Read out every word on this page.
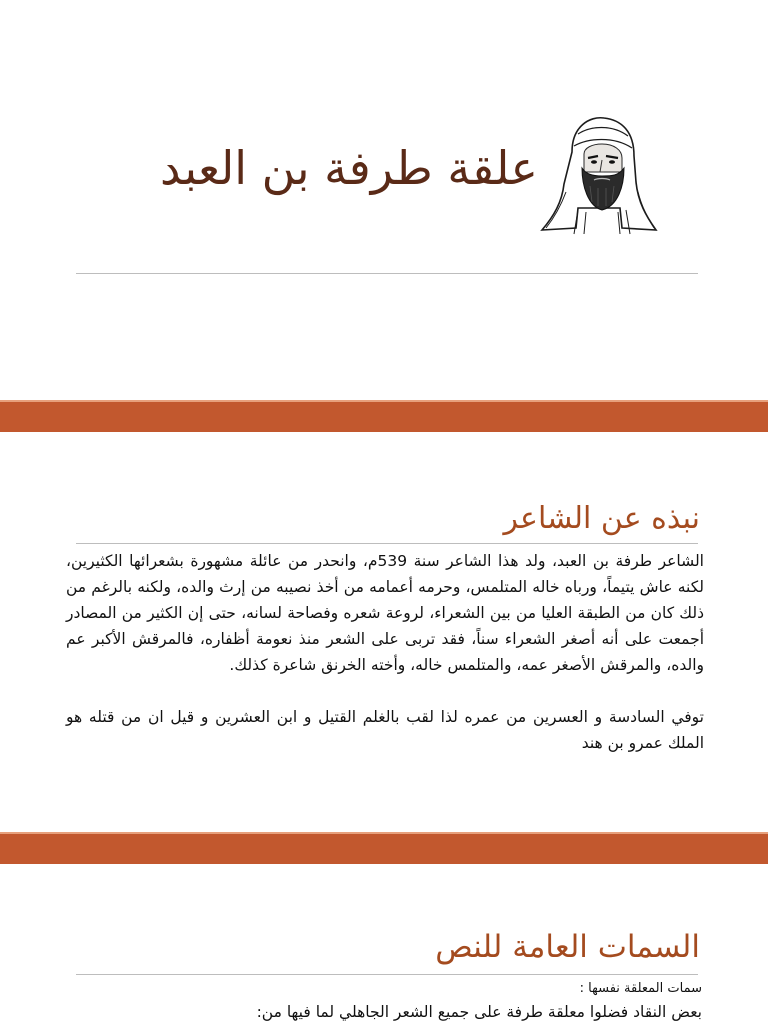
علقة طرفة بن العبد
نبذه عن الشاعر
الشاعر طرفة بن العبد، ولد هذا الشاعر سنة 539م، وانحدر من عائلة مشهورة بشعرائها الكثيرين، لكنه عاش يتيماً، ورباه خاله المتلمس، وحرمه أعمامه من أخذ نصيبه من إرث والده، ولكنه بالرغم من ذلك كان من الطبقة العليا من بين الشعراء، لروعة شعره وفصاحة لسانه، حتى إن الكثير من المصادر أجمعت على أنه أصغر الشعراء سناً، فقد تربى على الشعر منذ نعومة أظفاره، فالمرقش الأكبر عم والده، والمرقش الأصغر عمه، والمتلمس خاله، وأخته الخرنق شاعرة كذلك.
توفي السادسة و العسرين من عمره لذا لقب بالغلم القتيل و ابن العشرين و قيل ان من قتله هو الملك عمرو بن هند
السمات العامة للنص
سمات المعلقة نفسها :
بعض النقاد فضلوا معلقة طرفة على جميع الشعر الجاهلي لما فيها من:
